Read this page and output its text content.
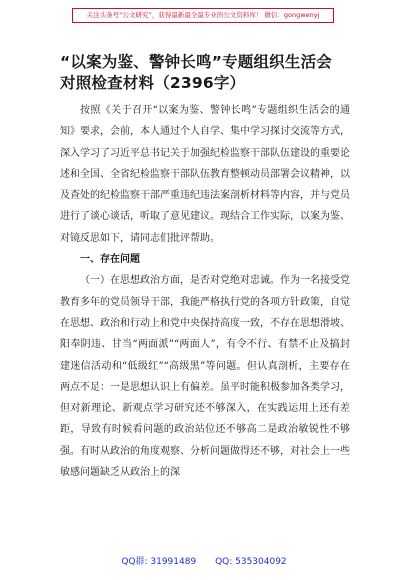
关注头条号“公文研究”，获得最新最全最专业的公文资料库！ 微信：gongwenyj
“以案为鉴、警钟长鸣”专题组织生活会
对照检查材料（2396字）

按照《关于召开“以案为鉴、警钟长鸣”专题组织生活会的通知》要求，会前，本人通过个人自学、集中学习探讨交流等方式，深入学习了习近平总书记关于加强纪检监察干部队伍建设的重要论述和全国、全省纪检监察干部队伍教育整顿动员部署会议精神，以及查处的纪检监察干部严重违纪违法案剖析材料等内容，并与党员进行了谈心谈话，听取了意见建议。现结合工作实际，以案为鉴、对镜反思如下，请同志们批评帮助。

一、存在问题

（一）在思想政治方面，是否对党绝对忠诚。作为一名接受党教育多年的党员领导干部，我能严格执行党的各项方针政策，自觉在思想、政治和行动上和党中央保持高度一致，不存在思想滑坡、阳奉阴违、甘当“两面派”“两面人”，有令不行、有禁不止及搞封建迷信活动和“低级红”“高级黑”等问题。但认真剖析，主要存在两点不足：一是思想认识上有偏差。虽平时能积极参加各类学习，但对新理论、新观点学习研究还不够深入，在实践运用上还有差距，导致有时候看问题的政治站位还不够高二是政治敏锐性不够强。有时从政治的角度观察、分析问题做得还不够，对社会上一些敏感问题缺乏从政治上的深

QQ群: 31991489 QQ: 535304092
